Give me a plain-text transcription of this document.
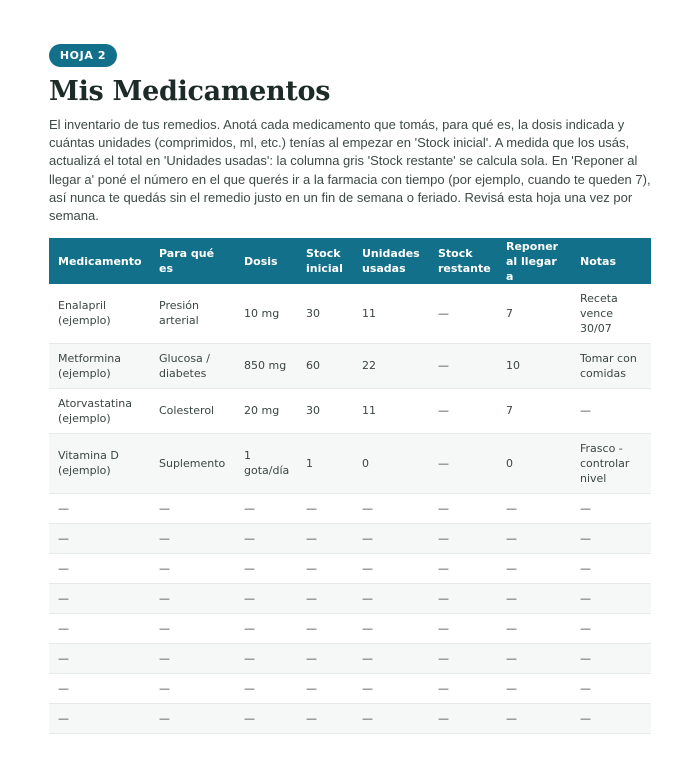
HOJA 2
Mis Medicamentos

El inventario de tus remedios. Anotá cada medicamento que tomás, para qué es, la dosis indicada y cuántas unidades (comprimidos, ml, etc.) tenías al empezar en 'Stock inicial'. A medida que los usás, actualizá el total en 'Unidades usadas': la columna gris 'Stock restante' se calcula sola. En 'Reponer al llegar a' poné el número en el que querés ir a la farmacia con tiempo (por ejemplo, cuando te queden 7), así nunca te quedás sin el remedio justo en un fin de semana o feriado. Revisá esta hoja una vez por semana.

Medicamento	Para qué es	Dosis	Stock inicial	Unidades usadas	Stock restante	Reponer al llegar a	Notas
Enalapril (ejemplo)	Presión arterial	10 mg	30	11	—	7	Receta vence 30/07
Metformina (ejemplo)	Glucosa / diabetes	850 mg	60	22	—	10	Tomar con comidas
Atorvastatina (ejemplo)	Colesterol	20 mg	30	11	—	7	—
Vitamina D (ejemplo)	Suplemento	1 gota/día	1	0	—	0	Frasco - controlar nivel
—	—	—	—	—	—	—	—
—	—	—	—	—	—	—	—
—	—	—	—	—	—	—	—
—	—	—	—	—	—	—	—
—	—	—	—	—	—	—	—
—	—	—	—	—	—	—	—
—	—	—	—	—	—	—	—
—	—	—	—	—	—	—	—
